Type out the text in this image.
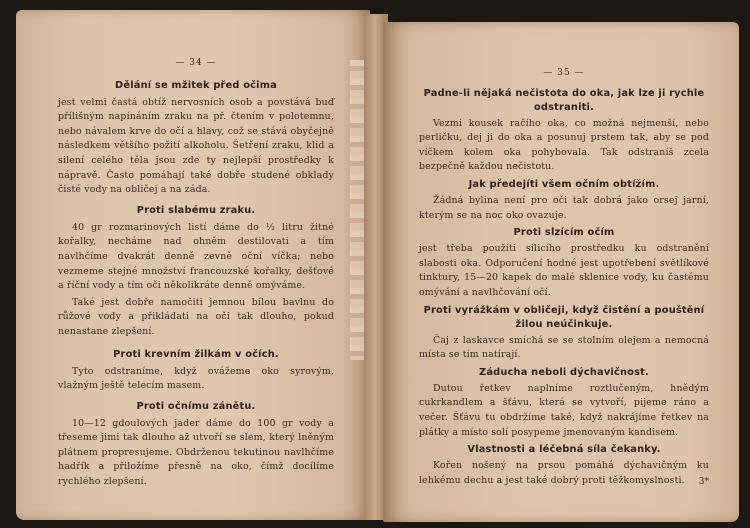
— 34 —
Dělání se mžitek před očima

jest velmi častá obtíž nervosních osob a povstává buď přílišným napínáním zraku na př. čtením v polotemnu, nebo návalem krve do očí a hlavy, což se stává obyčejně následkem většího požití alkoholu. Šetření zraku, klid a silení celého těla jsou zde ty nejlepší prostředky k nápravě. Často pomáhají také dobře studené obklady čisté vody na obličej a na záda.

Proti slabému zraku.

40 gr rozmarinových listí dáme do ½ litru žitné kořalky, necháme nad ohněm destilovati a tím navlhčíme dvakrát denně zevně oční víčka; nebo vezmeme stejné množství francouzské kořalky, dešťové a říční vody a tím oči několikráte denně omýváme.

Také jest dobře namočiti jemnou bílou bavlnu do růžové vody a přikládati na oči tak dlouho, pokud nenastane zlepšení.

Proti krevním žilkám v očích.

Tyto odstraníme, když ovážeme oko syrovým, vlažným ještě telecím masem.

Proti očnímu zánětu.

10—12 gdoulových jader dáme do 100 gr vody a třeseme jimi tak dlouho až utvoří se slem, který lněným plátnem propresujeme. Obdrženou tekutinou navlhčíme hadřík a přiložíme přesně na oko, čímž docílíme rychlého zlepšení.

— 35 —
Padne-li nějaká nečistota do oka, jak lze ji rychle odstraniti.

Vezmi kousek račího oka, co možná nejmenší, nebo perličku, dej ji do oka a posunuj prstem tak, aby se pod víčkem kolem oka pohybovala. Tak odstraníš zcela bezpečně každou nečistotu.

Jak předejíti všem očním obtížím.

Žádná bylina není pro oči tak dobrá jako orsej jarní, kterým se na noc oko ovazuje.

Proti slzícím očím

jest třeba použíti silicího prostředku ku odstranění slabosti oka. Odporučení hodné jest upotřebení světlíkové tinktury, 15—20 kapek do malé sklenice vody, ku častému omývání a navlhčování očí.

Proti vyrážkám v obličeji, když čistění a pouštění žilou neúčinkuje.

Čaj z laskavce smíchá se se stolním olejem a nemocná místa se tím natírají.

Záducha neboli dýchavičnost.

Dutou řetkev naplníme roztlučeným, hnědým cukrkandlem a šťávu, která se vytvoří, pijeme ráno a večer. Šťávu tu obdržíme také, když nakrájíme řetkev na plátky a místo solí posypeme jmenovaným kandisem.

Vlastnosti a léčebná síla čekanky.

Kořen nošený na prsou pomáhá dýchavičným ku lehkému dechu a jest také dobrý proti těžkomyslnosti.	3*
